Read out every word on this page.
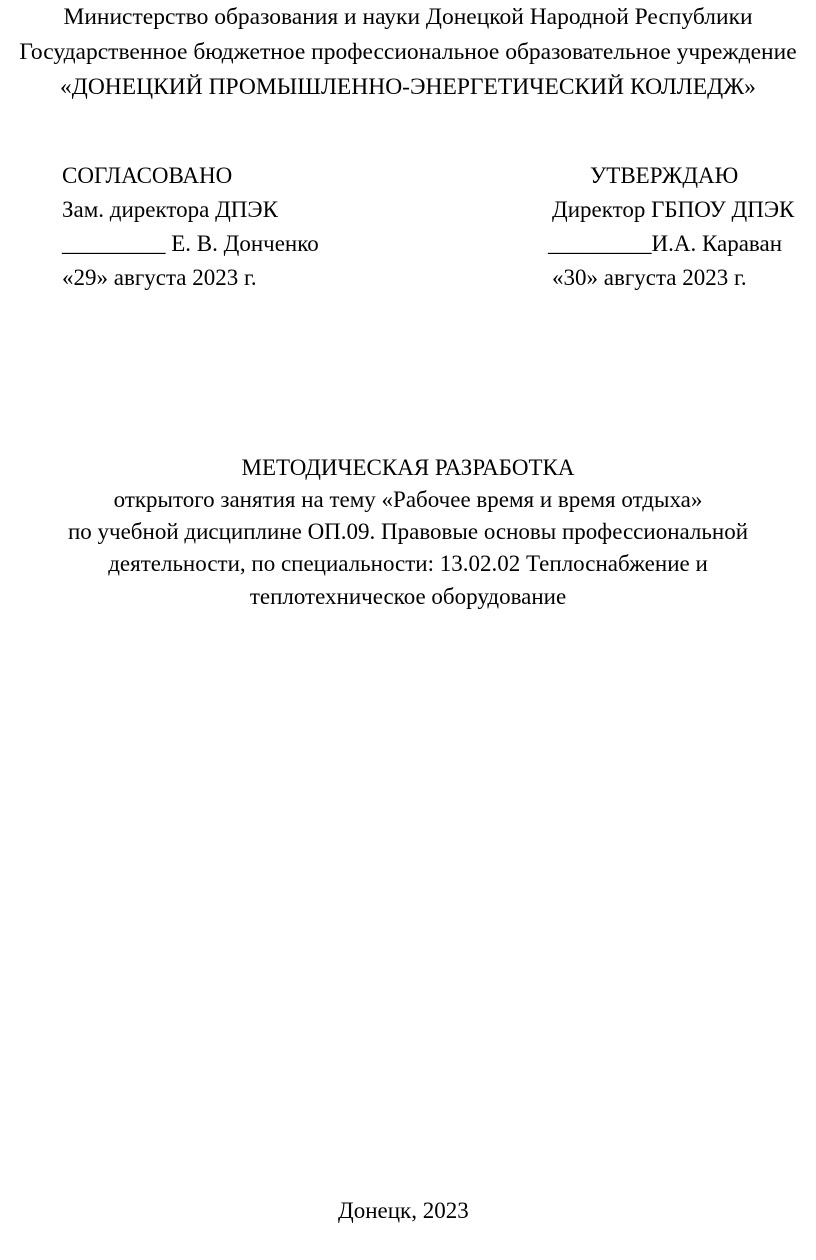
Министерство образования и науки Донецкой Народной Республики
Государственное бюджетное профессиональное образовательное учреждение
«ДОНЕЦКИЙ ПРОМЫШЛЕННО-ЭНЕРГЕТИЧЕСКИЙ КОЛЛЕДЖ»
СОГЛАСОВАНО
Зам. директора ДПЭК
_________ Е. В. Донченко
«29» августа 2023 г.
УТВЕРЖДАЮ
Директор ГБПОУ ДПЭК
_________И.А. Караван
«30» августа 2023 г.
МЕТОДИЧЕСКАЯ РАЗРАБОТКА
открытого занятия на тему «Рабочее время и время отдыха»
по учебной дисциплине ОП.09. Правовые основы профессиональной
деятельности, по специальности: 13.02.02 Теплоснабжение и
теплотехническое оборудование
Донецк, 2023
